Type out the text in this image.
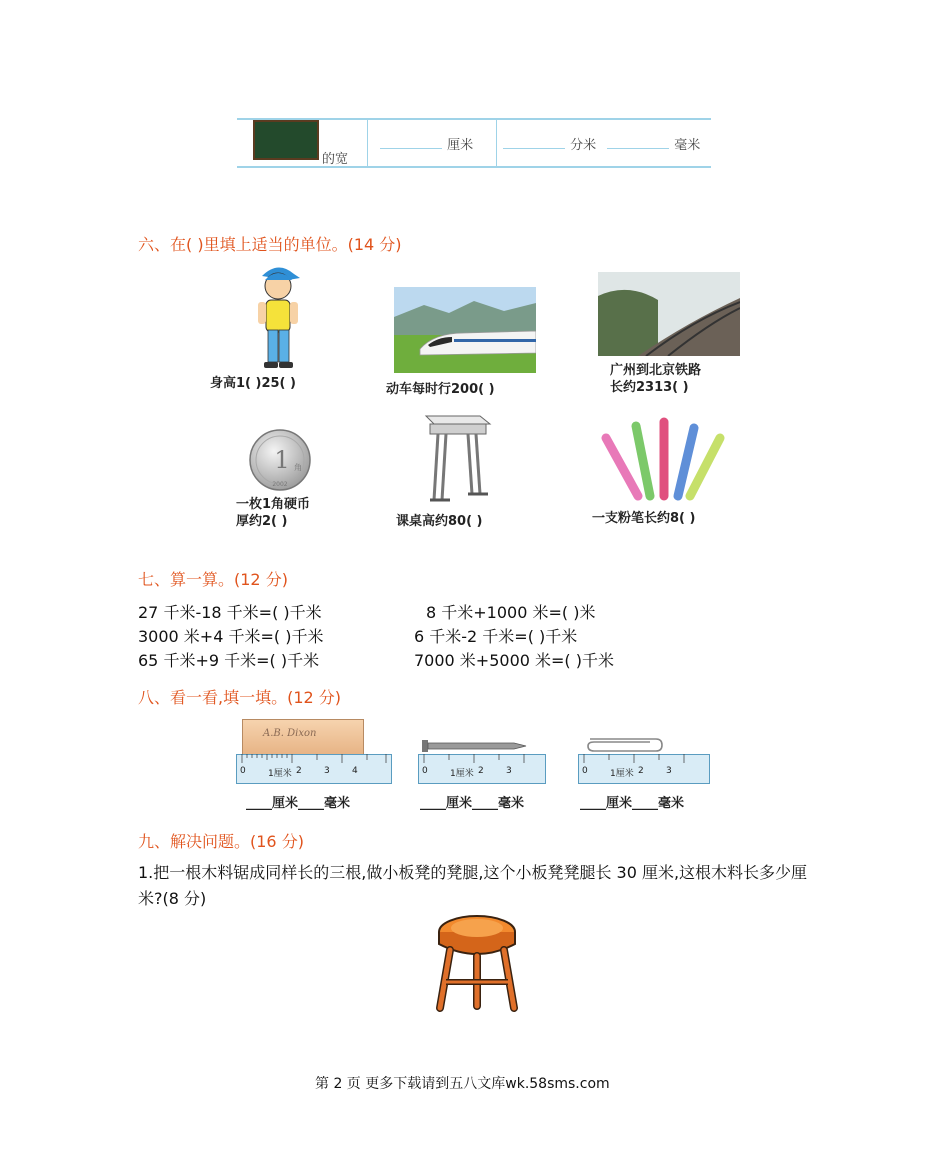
的宽
厘米	分米	毫米
六、在( )里填上适当的单位。(14 分)
身高1( )25( )	动车每时行200( )
广州到北京铁路
长约2313( )
1 角
2002
一枚1角硬币
厚约2( )	课桌高约80( )	一支粉笔长约8( )
七、算一算。(12 分)
27 千米-18 千米=( )千米	8 千米+1000 米=( )米
3000 米+4 千米=( )千米	6 千米-2 千米=( )千米
65 千米+9 千米=( )千米	7000 米+5000 米=( )千米
八、看一看,填一填。(12 分)
A.B. Dixon
0 1厘米 2 3 4
____厘米____毫米
0 1厘米 2 3
____厘米____毫米
0 1厘米 2 3
____厘米____毫米
九、解决问题。(16 分)
1.把一根木料锯成同样长的三根,做小板凳的凳腿,这个小板凳凳腿长 30 厘米,这根木料长多少厘米?(8 分)
第 2 页 更多下载请到五八文库wk.58sms.com
